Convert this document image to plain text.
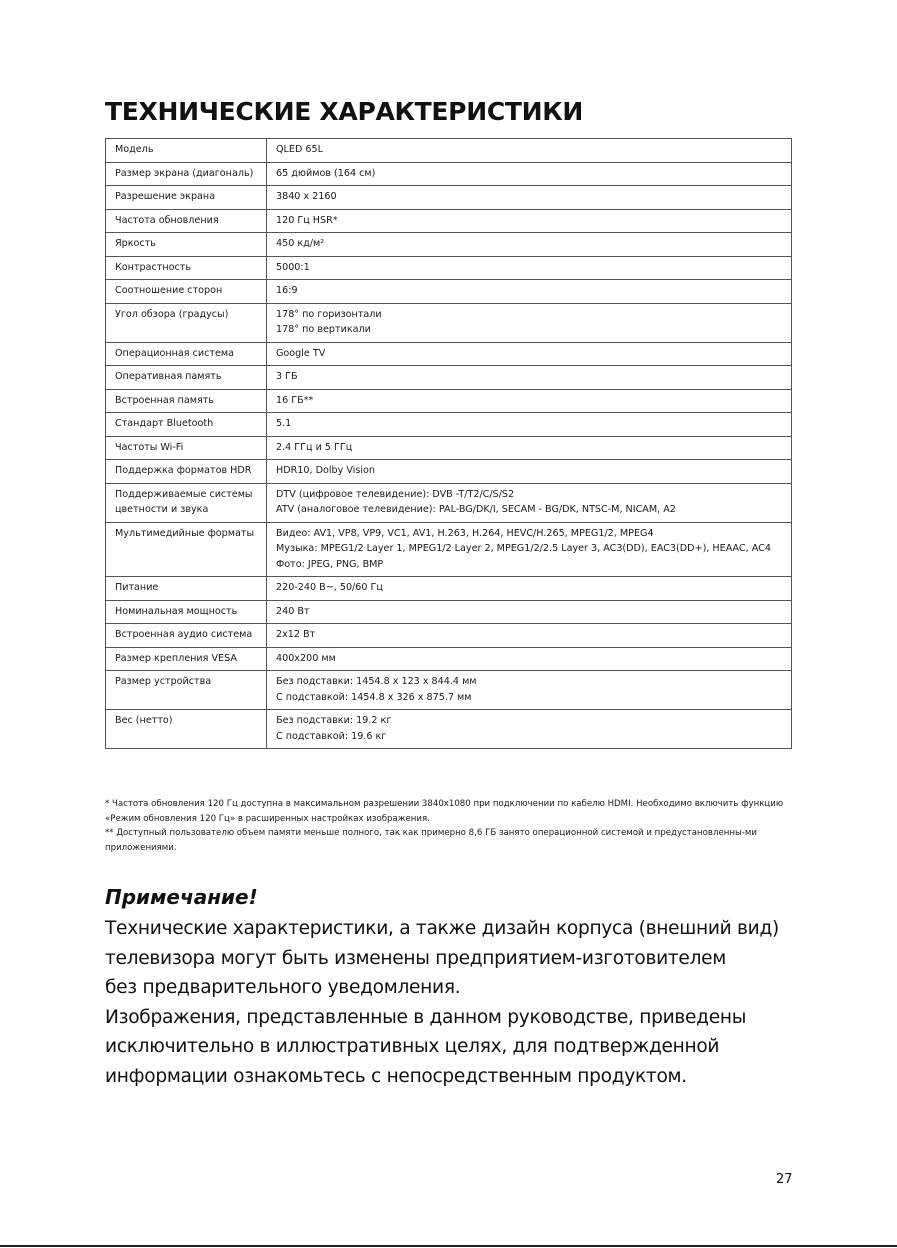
ТЕХНИЧЕСКИЕ ХАРАКТЕРИСТИКИ
Модель	QLED 65L

Размер экрана (диагональ)	65 дюймов (164 см)

Разрешение экрана	3840 x 2160

Частота обновления	120 Гц HSR*

Яркость	450 кд/м²

Контрастность	5000:1

Соотношение сторон	16:9

Угол обзора (градусы)	178° по горизонтали
178° по вертикали

Операционная система	Google TV

Оперативная память	3 ГБ

Встроенная память	16 ГБ**

Стандарт Bluetooth	5.1

Частоты Wi-Fi	2.4 ГГц и 5 ГГц

Поддержка форматов HDR	HDR10, Dolby Vision

Поддерживаемые системы
цветности и звука	DTV (цифровое телевидение): DVB -T/T2/C/S/S2
ATV (аналоговое телевидение): PAL-BG/DK/I, SECAM - BG/DK, NTSC-M, NICAM, A2

Мультимедийные форматы	Видео: AV1, VP8, VP9, VC1, AV1, H.263, H.264, HEVC/H.265, MPEG1/2, MPEG4
Музыка: MPEG1/2 Layer 1, MPEG1/2 Layer 2, MPEG1/2/2.5 Layer 3, AC3(DD), EAC3(DD+), HEAAC, AC4
Фото: JPEG, PNG, BMP

Питание	220-240 В~, 50/60 Гц

Номинальная мощность	240 Вт

Встроенная аудио система	2x12 Вт

Размер крепления VESA	400x200 мм

Размер устройства	Без подставки: 1454.8 x 123 x 844.4 мм
С подставкой: 1454.8 x 326 x 875.7 мм

Вес (нетто)	Без подставки: 19.2 кг
С подставкой: 19.6 кг

* Частота обновления 120 Гц доступна в максимальном разрешении 3840x1080 при подключении по кабелю HDMI. Необходимо включить функцию «Режим обновления 120 Гц» в расширенных настройках изображения.

** Доступный пользователю объем памяти меньше полного, так как примерно 8,6 ГБ занято операционной системой и предустановленны-ми приложениями.

Примечание!
Технические характеристики, а также дизайн корпуса (внешний вид)
телевизора могут быть изменены предприятием-изготовителем
без предварительного уведомления.
Изображения, представленные в данном руководстве, приведены
исключительно в иллюстративных целях, для подтвержденной
информации ознакомьтесь с непосредственным продуктом.
27
